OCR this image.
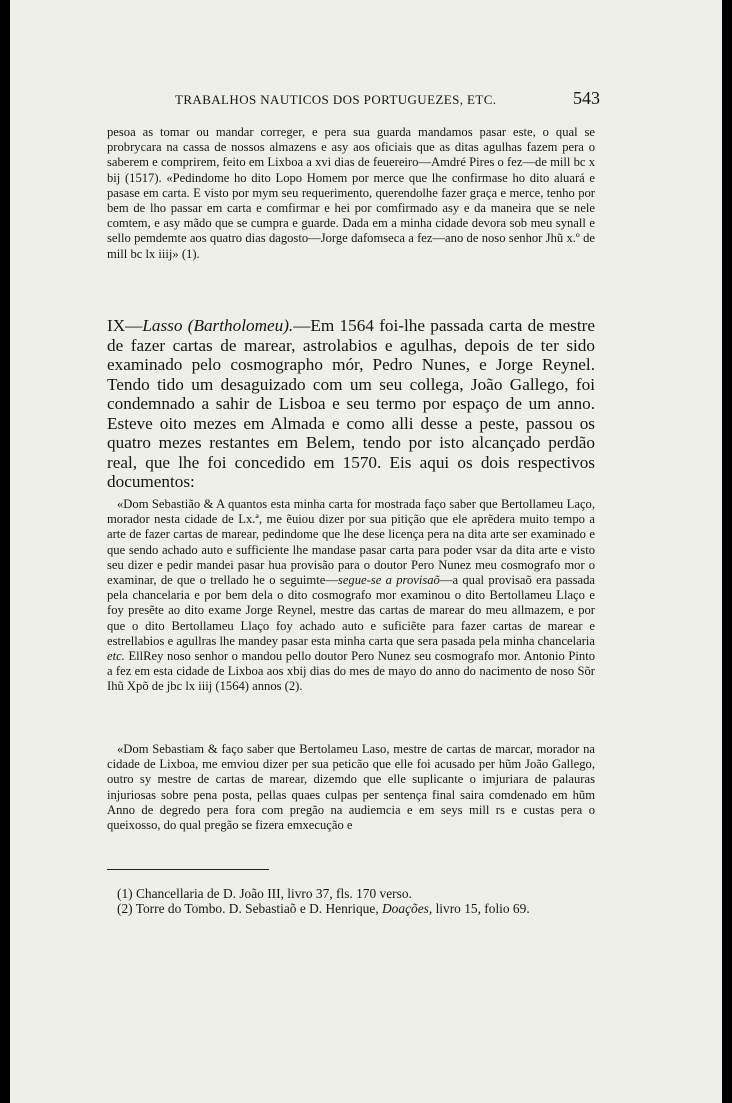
TRABALHOS NAUTICOS DOS PORTUGUEZES, ETC.	543

pesoa as tomar ou mandar correger, e pera sua guarda mandamos pasar este, o qual se probrycara na cassa de nossos almazens e asy aos oficiais que as ditas agulhas fazem pera o saberem e comprirem, feito em Lixboa a xvi dias de feuereiro—Amdré Pires o fez—de mill bc x bij (1517). «Pedindome ho dito Lopo Homem por merce que lhe confirmase ho dito aluará e pasase em carta. E visto por mym seu requerimento, querendolhe fazer graça e merce, tenho por bem de lho passar em carta e comfirmar e hei por comfirmado asy e da maneira que se nele comtem, e asy mãdo que se cumpra e guarde. Dada em a minha cidade devora sob meu synall e sello pemdemte aos quatro dias dagosto—Jorge dafomseca a fez—ano de noso senhor Jhũ x.º de mill bc lx iiij» (1).

IX—Lasso (Bartholomeu).—Em 1564 foi-lhe passada carta de mestre de fazer cartas de marear, astrolabios e agulhas, depois de ter sido examinado pelo cosmographo mór, Pedro Nunes, e Jorge Reynel. Tendo tido um desaguizado com um seu collega, João Gallego, foi condemnado a sahir de Lisboa e seu termo por espaço de um anno. Esteve oito mezes em Almada e como alli desse a peste, passou os quatro mezes restantes em Belem, tendo por isto alcançado perdão real, que lhe foi concedido em 1570. Eis aqui os dois respectivos documentos:

«Dom Sebastião & A quantos esta minha carta for mostrada faço saber que Bertollameu Laço, morador nesta cidade de Lx.ª, me ẽuiou dizer por sua pitição que ele aprẽdera muito tempo a arte de fazer cartas de marear, pedindome que lhe dese licença pera na dita arte ser examinado e que sendo achado auto e sufficiente lhe mandase pasar carta para poder vsar da dita arte e visto seu dizer e pedir mandei pasar hua provisão para o doutor Pero Nunez meu cosmografo mor o examinar, de que o trellado he o seguimte—segue-se a provisaõ—a qual provisaõ era passada pela chancelaria e por bem dela o dito cosmografo mor examinou o dito Bertollameu Llaço e foy presẽte ao dito exame Jorge Reynel, mestre das cartas de marear do meu allmazem, e por que o dito Bertollameu Llaço foy achado auto e suficiẽte para fazer cartas de marear e estrellabios e agullras lhe mandey pasar esta minha carta que sera pasada pela minha chancelaria etc. EllRey noso senhor o mandou pello doutor Pero Nunez seu cosmografo mor. Antonio Pinto a fez em esta cidade de Lixboa aos xbij dias do mes de mayo do anno do nacimento de noso Sõr Ihũ Xpõ de jbc lx iiij (1564) annos (2).

«Dom Sebastiam & faço saber que Bertolameu Laso, mestre de cartas de marcar, morador na cidade de Lixboa, me emviou dizer per sua peticão que elle foi acusado per hũm João Gallego, outro sy mestre de cartas de marear, dizemdo que elle suplicante o imjuriara de palauras injuriosas sobre pena posta, pellas quaes culpas per sentença final saira comdenado em hũm Anno de degredo pera fora com pregão na audiemcia e em seys mill rs e custas pera o queixosso, do qual pregão se fizera emxecução e

(1) Chancellaria de D. João III, livro 37, fls. 170 verso.

(2) Torre do Tombo. D. Sebastiaõ e D. Henrique, Doações, livro 15, folio 69.
